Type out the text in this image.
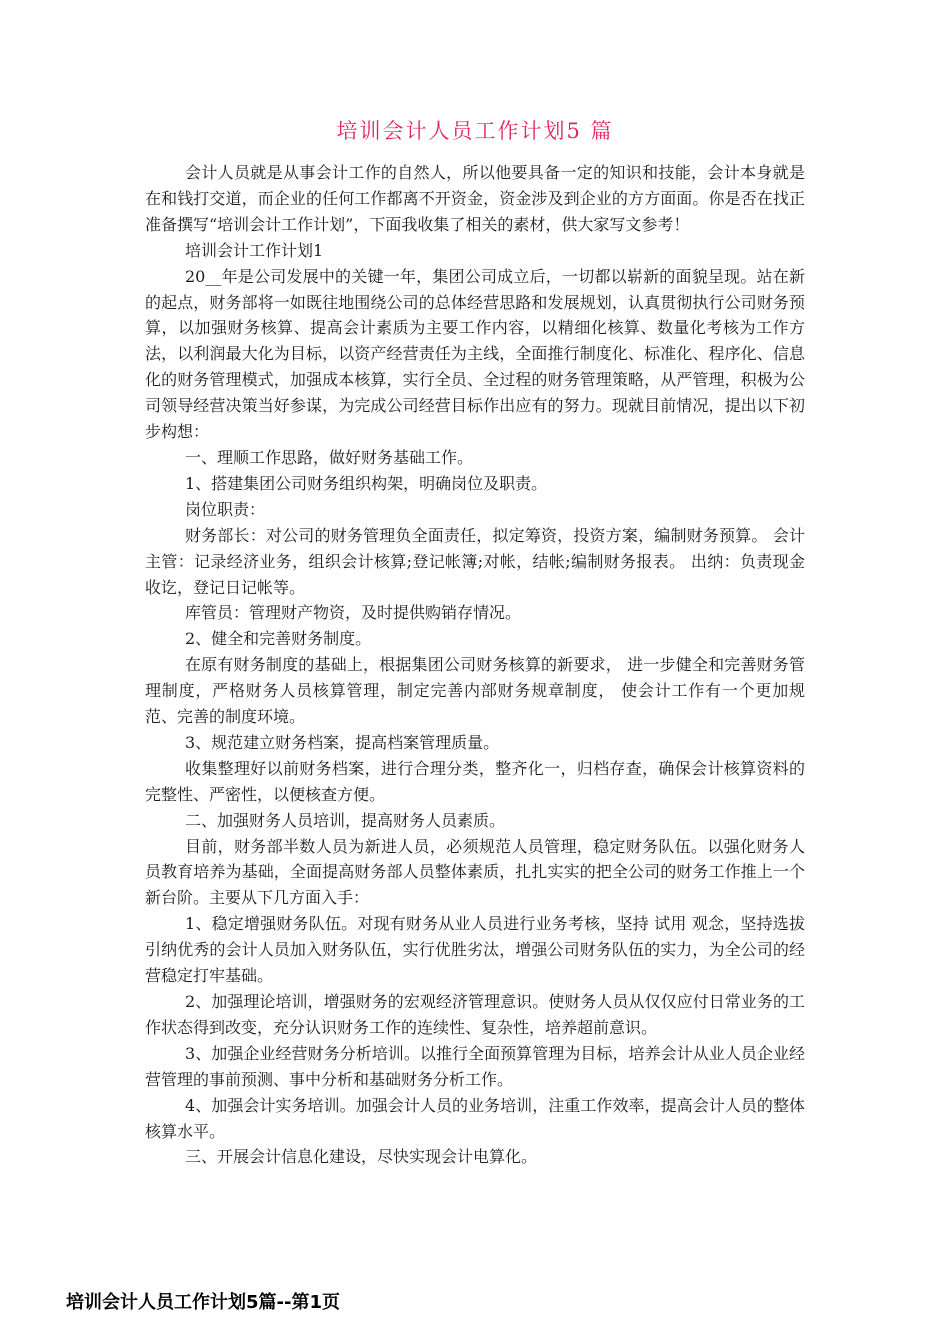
培训会计人员工作计划5 篇

会计人员就是从事会计工作的自然人，所以他要具备一定的知识和技能，会计本身就是在和钱打交道，而企业的任何工作都离不开资金，资金涉及到企业的方方面面。你是否在找正准备撰写“培训会计工作计划”，下面我收集了相关的素材，供大家写文参考！

培训会计工作计划1

20__年是公司发展中的关键一年，集团公司成立后，一切都以崭新的面貌呈现。站在新的起点，财务部将一如既往地围绕公司的总体经营思路和发展规划，认真贯彻执行公司财务预算，以加强财务核算、提高会计素质为主要工作内容，以精细化核算、数量化考核为工作方法，以利润最大化为目标，以资产经营责任为主线，全面推行制度化、标准化、程序化、信息化的财务管理模式，加强成本核算，实行全员、全过程的财务管理策略，从严管理，积极为公司领导经营决策当好参谋，为完成公司经营目标作出应有的努力。现就目前情况，提出以下初步构想：

一、理顺工作思路，做好财务基础工作。

1、搭建集团公司财务组织构架，明确岗位及职责。

岗位职责：

财务部长：对公司的财务管理负全面责任，拟定筹资，投资方案，编制财务预算。 会计主管：记录经济业务，组织会计核算;登记帐簿;对帐，结帐;编制财务报表。 出纳：负责现金收讫，登记日记帐等。

库管员：管理财产物资，及时提供购销存情况。

2、健全和完善财务制度。

在原有财务制度的基础上，根据集团公司财务核算的新要求， 进一步健全和完善财务管理制度，严格财务人员核算管理，制定完善内部财务规章制度， 使会计工作有一个更加规范、完善的制度环境。

3、规范建立财务档案，提高档案管理质量。

收集整理好以前财务档案，进行合理分类，整齐化一，归档存查，确保会计核算资料的完整性、严密性，以便核查方便。

二、加强财务人员培训，提高财务人员素质。

目前，财务部半数人员为新进人员，必须规范人员管理，稳定财务队伍。以强化财务人员教育培养为基础，全面提高财务部人员整体素质，扎扎实实的把全公司的财务工作推上一个新台阶。主要从下几方面入手：

1、稳定增强财务队伍。对现有财务从业人员进行业务考核，坚持 试用 观念，坚持选拔引纳优秀的会计人员加入财务队伍，实行优胜劣汰，增强公司财务队伍的实力，为全公司的经营稳定打牢基础。

2、加强理论培训，增强财务的宏观经济管理意识。使财务人员从仅仅应付日常业务的工作状态得到改变，充分认识财务工作的连续性、复杂性，培养超前意识。

3、加强企业经营财务分析培训。以推行全面预算管理为目标，培养会计从业人员企业经营管理的事前预测、事中分析和基础财务分析工作。

4、加强会计实务培训。加强会计人员的业务培训，注重工作效率，提高会计人员的整体核算水平。

三、开展会计信息化建设，尽快实现会计电算化。

培训会计人员工作计划5篇--第1页
